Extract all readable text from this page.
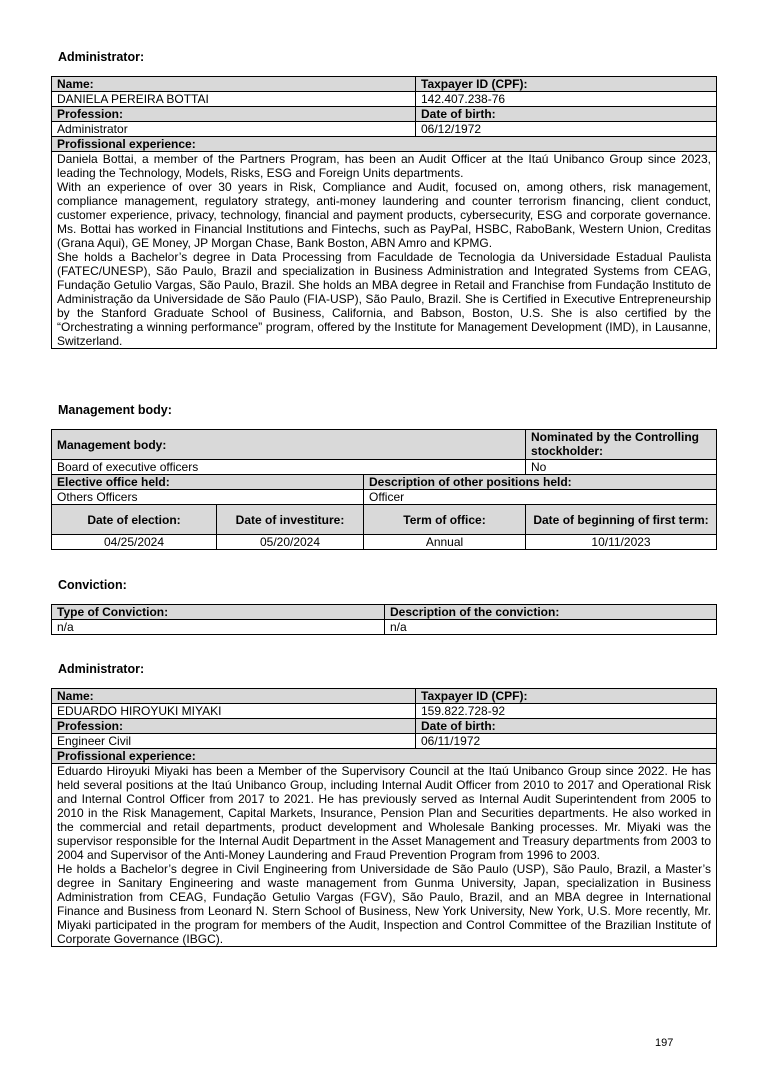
Administrator:
Name:	Taxpayer ID (CPF):
DANIELA PEREIRA BOTTAI	142.407.238-76
Profession:	Date of birth:
Administrator	06/12/1972
Profissional experience:	

Daniela Bottai, a member of the Partners Program, has been an Audit Officer at the Itaú Unibanco Group since 2023, leading the Technology, Models, Risks, ESG and Foreign Units departments.

With an experience of over 30 years in Risk, Compliance and Audit, focused on, among others, risk management, compliance management, regulatory strategy, anti-money laundering and counter terrorism financing, client conduct, customer experience, privacy, technology, financial and payment products, cybersecurity, ESG and corporate governance. Ms. Bottai has worked in Financial Institutions and Fintechs, such as PayPal, HSBC, RaboBank, Western Union, Creditas (Grana Aqui), GE Money, JP Morgan Chase, Bank Boston, ABN Amro and KPMG.

She holds a Bachelor’s degree in Data Processing from Faculdade de Tecnologia da Universidade Estadual Paulista (FATEC/UNESP), São Paulo, Brazil and specialization in Business Administration and Integrated Systems from CEAG, Fundação Getulio Vargas, São Paulo, Brazil. She holds an MBA degree in Retail and Franchise from Fundação Instituto de Administração da Universidade de São Paulo (FIA-USP), São Paulo, Brazil. She is Certified in Executive Entrepreneurship by the Stanford Graduate School of Business, California, and Babson, Boston, U.S. She is also certified by the “Orchestrating a winning performance” program, offered by the Institute for Management Development (IMD), in Lausanne, Switzerland.	

Management body:
Management body:			Nominated by the Controlling stockholder:
Board of executive officers			No
Elective office held:		Description of other positions held:	
Others Officers		Officer	
Date of election:	Date of investiture:	Term of office:	Date of beginning of first term:
04/25/2024	05/20/2024	Annual	10/11/2023
Conviction:
Type of Conviction:	Description of the conviction:
n/a	n/a
Administrator:
Name:	Taxpayer ID (CPF):
EDUARDO HIROYUKI MIYAKI	159.822.728-92
Profession:	Date of birth:
Engineer Civil	06/11/1972
Profissional experience:	

Eduardo Hiroyuki Miyaki has been a Member of the Supervisory Council at the Itaú Unibanco Group since 2022. He has held several positions at the Itaú Unibanco Group, including Internal Audit Officer from 2010 to 2017 and Operational Risk and Internal Control Officer from 2017 to 2021. He has previously served as Internal Audit Superintendent from 2005 to 2010 in the Risk Management, Capital Markets, Insurance, Pension Plan and Securities departments. He also worked in the commercial and retail departments, product development and Wholesale Banking processes. Mr. Miyaki was the supervisor responsible for the Internal Audit Department in the Asset Management and Treasury departments from 2003 to 2004 and Supervisor of the Anti-Money Laundering and Fraud Prevention Program from 1996 to 2003.

He holds a Bachelor’s degree in Civil Engineering from Universidade de São Paulo (USP), São Paulo, Brazil, a Master’s degree in Sanitary Engineering and waste management from Gunma University, Japan, specialization in Business Administration from CEAG, Fundação Getulio Vargas (FGV), São Paulo, Brazil, and an MBA degree in International Finance and Business from Leonard N. Stern School of Business, New York University, New York, U.S. More recently, Mr. Miyaki participated in the program for members of the Audit, Inspection and Control Committee of the Brazilian Institute of Corporate Governance (IBGC).	

197
